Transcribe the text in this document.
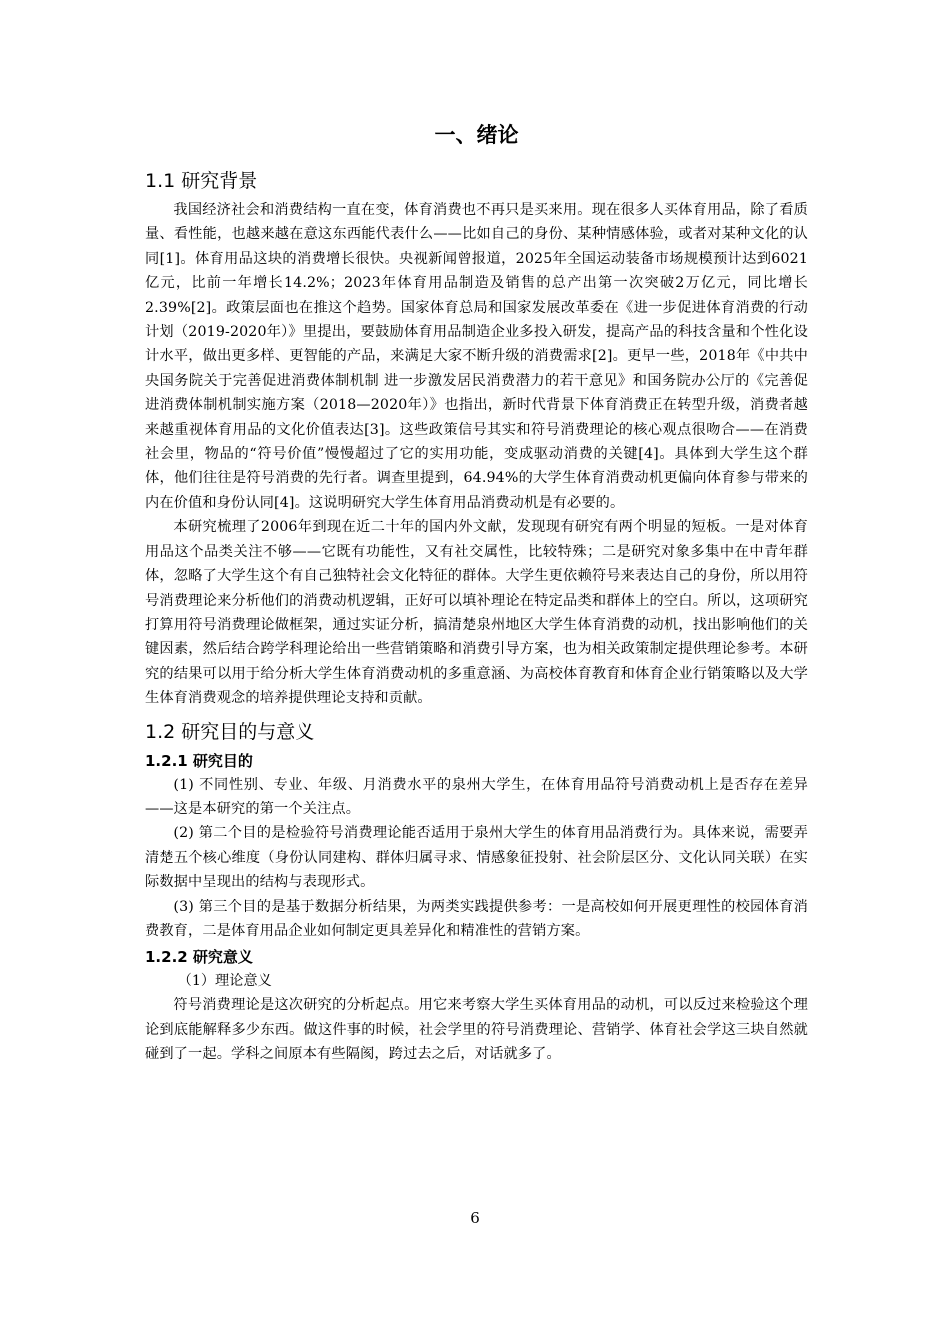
一、绪论
1.1 研究背景

我国经济社会和消费结构一直在变，体育消费也不再只是买来用。现在很多人买体育用品，除了看质量、看性能，也越来越在意这东西能代表什么——比如自己的身份、某种情感体验，或者对某种文化的认同[1]。体育用品这块的消费增长很快。央视新闻曾报道，2025年全国运动装备市场规模预计达到6021亿元，比前一年增长14.2%；2023年体育用品制造及销售的总产出第一次突破2万亿元，同比增长2.39%[2]。政策层面也在推这个趋势。国家体育总局和国家发展改革委在《进一步促进体育消费的行动计划（2019-2020年）》里提出，要鼓励体育用品制造企业多投入研发，提高产品的科技含量和个性化设计水平，做出更多样、更智能的产品，来满足大家不断升级的消费需求[2]。更早一些，2018年《中共中央国务院关于完善促进消费体制机制 进一步激发居民消费潜力的若干意见》和国务院办公厅的《完善促进消费体制机制实施方案（2018—2020年）》也指出，新时代背景下体育消费正在转型升级，消费者越来越重视体育用品的文化价值表达[3]。这些政策信号其实和符号消费理论的核心观点很吻合——在消费社会里，物品的“符号价值”慢慢超过了它的实用功能，变成驱动消费的关键[4]。具体到大学生这个群体，他们往往是符号消费的先行者。调查里提到，64.94%的大学生体育消费动机更偏向体育参与带来的内在价值和身份认同[4]。这说明研究大学生体育用品消费动机是有必要的。

本研究梳理了2006年到现在近二十年的国内外文献，发现现有研究有两个明显的短板。一是对体育用品这个品类关注不够——它既有功能性，又有社交属性，比较特殊；二是研究对象多集中在中青年群体，忽略了大学生这个有自己独特社会文化特征的群体。大学生更依赖符号来表达自己的身份，所以用符号消费理论来分析他们的消费动机逻辑，正好可以填补理论在特定品类和群体上的空白。所以，这项研究打算用符号消费理论做框架，通过实证分析，搞清楚泉州地区大学生体育消费的动机，找出影响他们的关键因素，然后结合跨学科理论给出一些营销策略和消费引导方案，也为相关政策制定提供理论参考。本研究的结果可以用于给分析大学生体育消费动机的多重意涵、为高校体育教育和体育企业行销策略以及大学生体育消费观念的培养提供理论支持和贡献。

1.2 研究目的与意义
1.2.1 研究目的

(1) 不同性别、专业、年级、月消费水平的泉州大学生，在体育用品符号消费动机上是否存在差异——这是本研究的第一个关注点。

(2) 第二个目的是检验符号消费理论能否适用于泉州大学生的体育用品消费行为。具体来说，需要弄清楚五个核心维度（身份认同建构、群体归属寻求、情感象征投射、社会阶层区分、文化认同关联）在实际数据中呈现出的结构与表现形式。

(3) 第三个目的是基于数据分析结果，为两类实践提供参考：一是高校如何开展更理性的校园体育消费教育，二是体育用品企业如何制定更具差异化和精准性的营销方案。

1.2.2 研究意义

（1）理论意义

符号消费理论是这次研究的分析起点。用它来考察大学生买体育用品的动机，可以反过来检验这个理论到底能解释多少东西。做这件事的时候，社会学里的符号消费理论、营销学、体育社会学这三块自然就碰到了一起。学科之间原本有些隔阂，跨过去之后，对话就多了。

6
